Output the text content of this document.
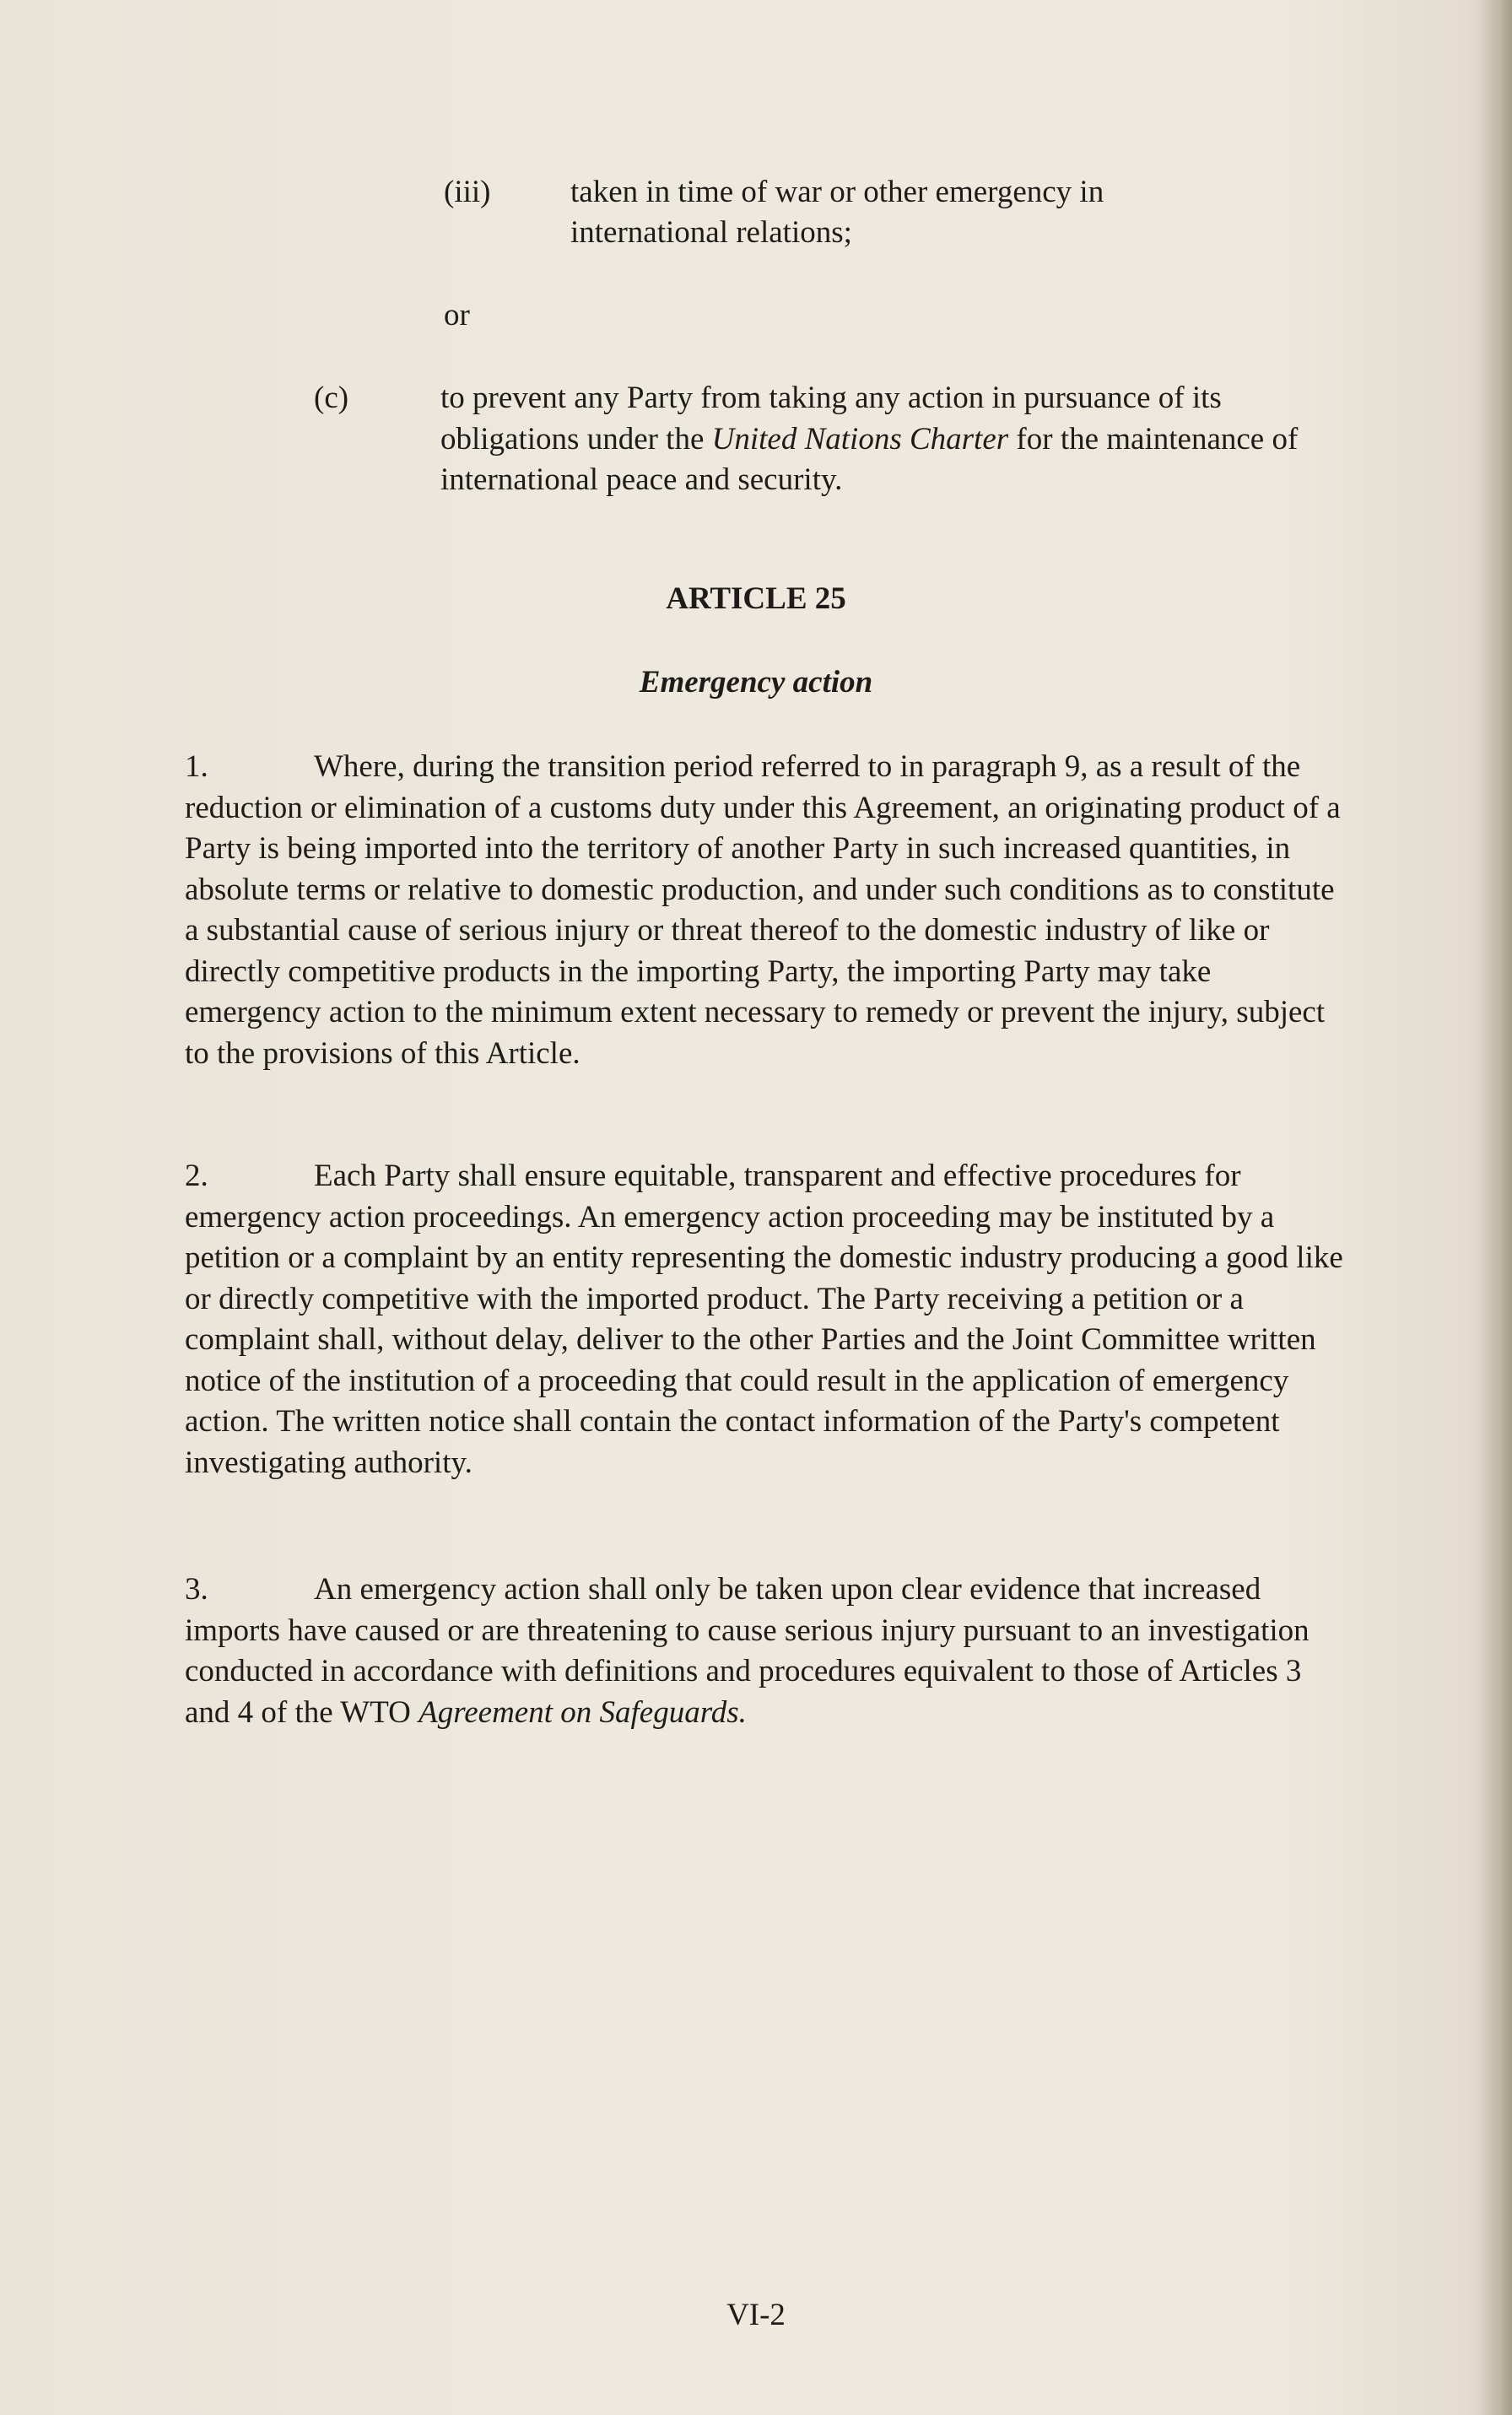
(iii)	taken in time of war or other emergency in
international relations;
or
(c)	to prevent any Party from taking any action in pursuance of its obligations under the United Nations Charter for the maintenance of international peace and security.

ARTICLE 25
Emergency action

1.	Where, during the transition period referred to in paragraph 9, as a result of the reduction or elimination of a customs duty under this Agreement, an originating product of a Party is being imported into the territory of another Party in such increased quantities, in absolute terms or relative to domestic production, and under such conditions as to constitute a substantial cause of serious injury or threat thereof to the domestic industry of like or directly competitive products in the importing Party, the importing Party may take emergency action to the minimum extent necessary to remedy or prevent the injury, subject to the provisions of this Article.

2.	Each Party shall ensure equitable, transparent and effective procedures for emergency action proceedings. An emergency action proceeding may be instituted by a petition or a complaint by an entity representing the domestic industry producing a good like or directly competitive with the imported product. The Party receiving a petition or a complaint shall, without delay, deliver to the other Parties and the Joint Committee written notice of the institution of a proceeding that could result in the application of emergency action. The written notice shall contain the contact information of the Party's competent investigating authority.

3.	An emergency action shall only be taken upon clear evidence that increased imports have caused or are threatening to cause serious injury pursuant to an investigation conducted in accordance with definitions and procedures equivalent to those of Articles 3 and 4 of the WTO Agreement on Safeguards.

VI-2
